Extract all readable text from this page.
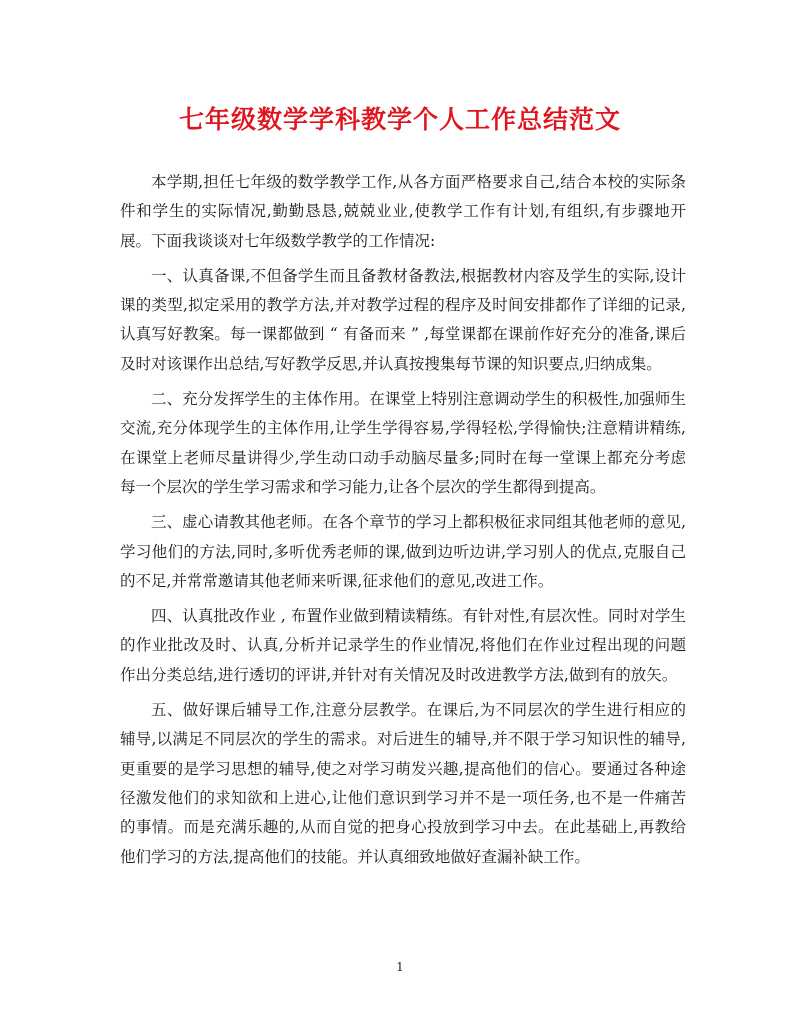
七年级数学学科教学个人工作总结范文

本学期,担任七年级的数学教学工作,从各方面严格要求自己,结合本校的实际条件和学生的实际情况,勤勤恳恳,兢兢业业,使教学工作有计划,有组织,有步骤地开展。下面我谈谈对七年级数学教学的工作情况:

一、认真备课,不但备学生而且备教材备教法,根据教材内容及学生的实际,设计课的类型,拟定采用的教学方法,并对教学过程的程序及时间安排都作了详细的记录,认真写好教案。每一课都做到 “ 有备而来 ” ,每堂课都在课前作好充分的准备,课后及时对该课作出总结,写好教学反思,并认真按搜集每节课的知识要点,归纳成集。

二、充分发挥学生的主体作用。在课堂上特别注意调动学生的积极性,加强师生交流,充分体现学生的主体作用,让学生学得容易,学得轻松,学得愉快;注意精讲精练,在课堂上老师尽量讲得少,学生动口动手动脑尽量多;同时在每一堂课上都充分考虑每一个层次的学生学习需求和学习能力,让各个层次的学生都得到提高。

三、虚心请教其他老师。在各个章节的学习上都积极征求同组其他老师的意见,学习他们的方法,同时,多听优秀老师的课,做到边听边讲,学习别人的优点,克服自己的不足,并常常邀请其他老师来听课,征求他们的意见,改进工作。

四、认真批改作业 , 布置作业做到精读精练。有针对性,有层次性。同时对学生的作业批改及时、认真,分析并记录学生的作业情况,将他们在作业过程出现的问题作出分类总结,进行透切的评讲,并针对有关情况及时改进教学方法,做到有的放矢。

五、做好课后辅导工作,注意分层教学。在课后,为不同层次的学生进行相应的辅导,以满足不同层次的学生的需求。对后进生的辅导,并不限于学习知识性的辅导,更重要的是学习思想的辅导,使之对学习萌发兴趣,提高他们的信心。要通过各种途径激发他们的求知欲和上进心,让他们意识到学习并不是一项任务,也不是一件痛苦的事情。而是充满乐趣的,从而自觉的把身心投放到学习中去。在此基础上,再教给他们学习的方法,提高他们的技能。并认真细致地做好查漏补缺工作。

1
